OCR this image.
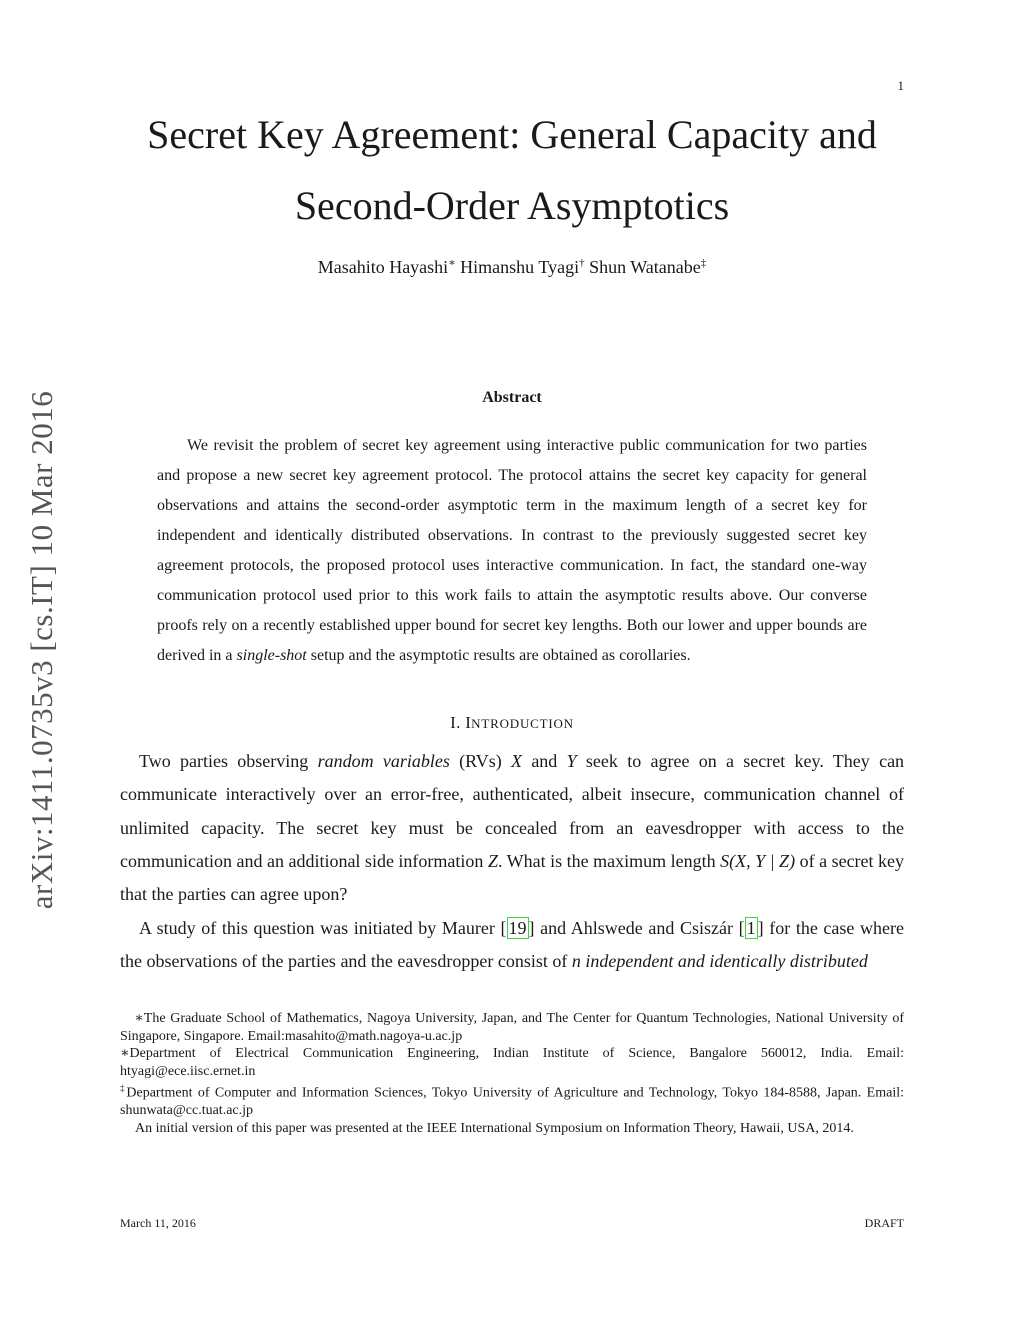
1
Secret Key Agreement: General Capacity and
Second-Order Asymptotics
Masahito Hayashi∗ Himanshu Tyagi† Shun Watanabe‡
arXiv:1411.0735v3 [cs.IT] 10 Mar 2016	Abstract

We revisit the problem of secret key agreement using interactive public communication for two parties and propose a new secret key agreement protocol. The protocol attains the secret key capacity for general observations and attains the second-order asymptotic term in the maximum length of a secret key for independent and identically distributed observations. In contrast to the previously suggested secret key agreement protocols, the proposed protocol uses interactive communication. In fact, the standard one-way communication protocol used prior to this work fails to attain the asymptotic results above. Our converse proofs rely on a recently established upper bound for secret key lengths. Both our lower and upper bounds are derived in a single-shot setup and the asymptotic results are obtained as corollaries.

I. INTRODUCTION

Two parties observing random variables (RVs) X and Y seek to agree on a secret key. They can communicate interactively over an error-free, authenticated, albeit insecure, communication channel of unlimited capacity. The secret key must be concealed from an eavesdropper with access to the communication and an additional side information Z. What is the maximum length S(X, Y | Z) of a secret key that the parties can agree upon?

A study of this question was initiated by Maurer [ 19 ] and Ahlswede and Csiszár [ 1 ] for the case where the observations of the parties and the eavesdropper consist of n independent and identically distributed

∗The Graduate School of Mathematics, Nagoya University, Japan, and The Center for Quantum Technologies, National University of Singapore, Singapore. Email:masahito@math.nagoya-u.ac.jp

∗Department of Electrical Communication Engineering, Indian Institute of Science, Bangalore 560012, India. Email: htyagi@ece.iisc.ernet.in

‡Department of Computer and Information Sciences, Tokyo University of Agriculture and Technology, Tokyo 184-8588, Japan. Email: shunwata@cc.tuat.ac.jp

An initial version of this paper was presented at the IEEE International Symposium on Information Theory, Hawaii, USA, 2014.

March 11, 2016	DRAFT
